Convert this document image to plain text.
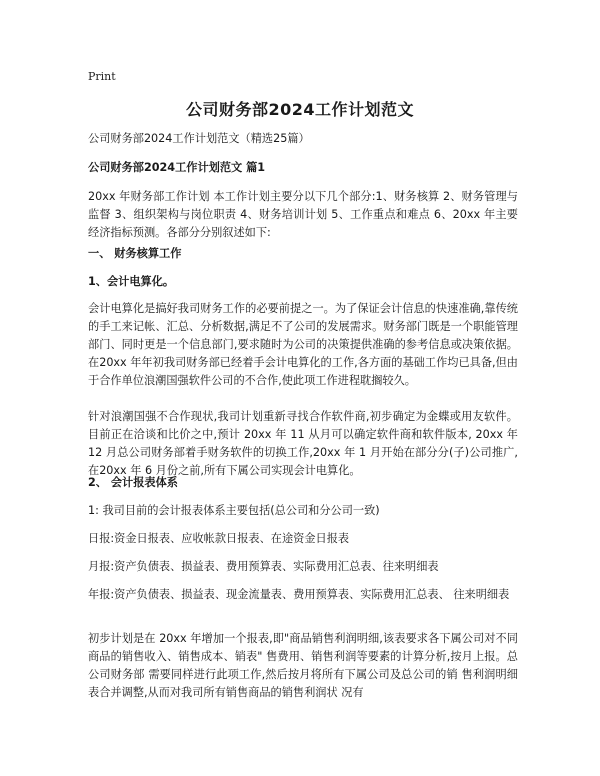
Print
公司财务部2024工作计划范文
公司财务部2024工作计划范文（精选25篇）
公司财务部2024工作计划范文 篇1
20xx 年财务部工作计划 本工作计划主要分以下几个部分:1、财务核算 2、财务管理与监督 3、组织架构与岗位职责 4、财务培训计划 5、工作重点和难点 6、20xx 年主要经济指标预测。各部分分别叙述如下:
一、 财务核算工作
1、会计电算化。
会计电算化是搞好我司财务工作的必要前提之一。为了保证会计信息的快速准确,靠传统的手工来记帐、汇总、分析数据,满足不了公司的发展需求。财务部门既是一个职能管理部门、同时更是一个信息部门,要求随时为公司的决策提供准确的参考信息或决策依据。在20xx 年年初我司财务部已经着手会计电算化的工作,各方面的基础工作均已具备,但由于合作单位浪潮国强软件公司的不合作,使此项工作进程耽搁较久。
针对浪潮国强不合作现状,我司计划重新寻找合作软件商,初步确定为金蝶或用友软件。目前正在洽谈和比价之中,预计 20xx 年 11 从月可以确定软件商和软件版本, 20xx 年 12 月总公司财务部着手财务软件的切换工作,20xx 年 1 月开始在部分分(子)公司推广,在20xx 年 6 月份之前,所有下属公司实现会计电算化。
2、 会计报表体系
1: 我司目前的会计报表体系主要包括(总公司和分公司一致)
日报:资金日报表、应收帐款日报表、在途资金日报表
月报:资产负债表、损益表、费用预算表、实际费用汇总表、往来明细表
年报:资产负债表、损益表、现金流量表、费用预算表、实际费用汇总表、 往来明细表
初步计划是在 20xx 年增加一个报表,即"商品销售利润明细,该表要求各下属公司对不同商品的销售收入、销售成本、销表" 售费用、销售利润等要素的计算分析,按月上报。总公司财务部 需要同样进行此项工作,然后按月将所有下属公司及总公司的销 售利润明细表合并调整,从而对我司所有销售商品的销售利润状 况有
